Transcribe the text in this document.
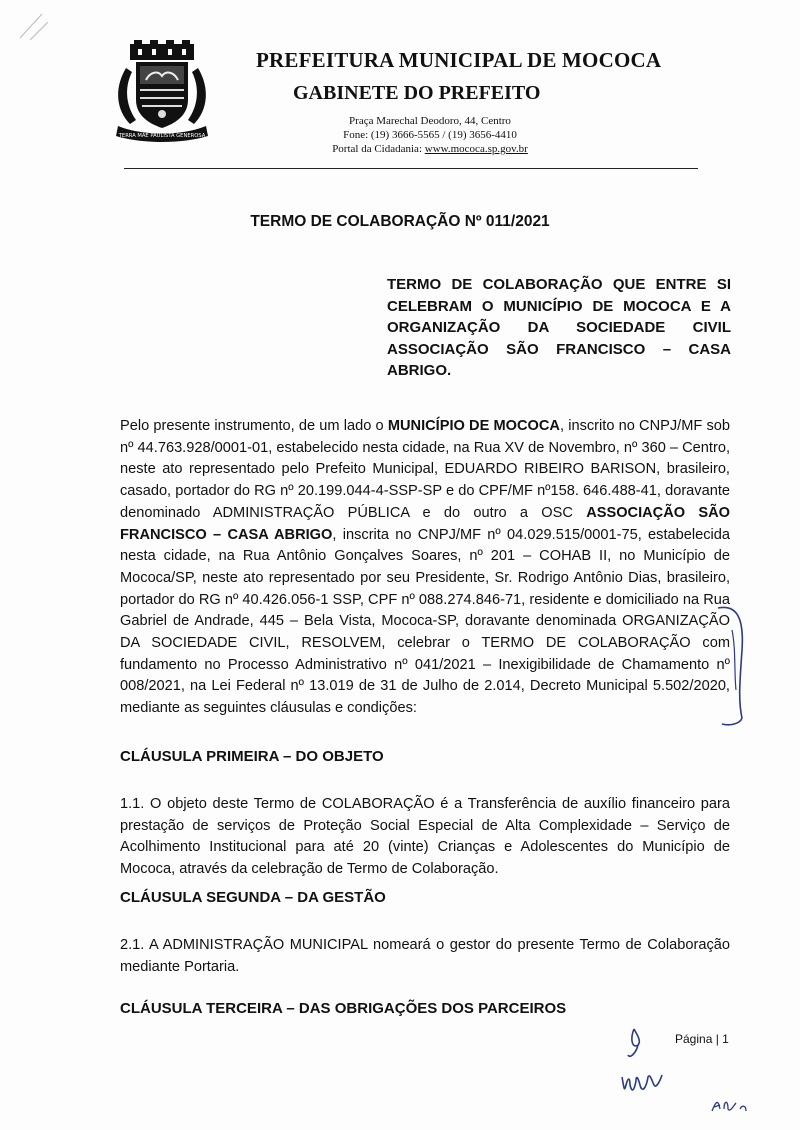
TERRA MÃE PAULISTA GENEROSA
PREFEITURA MUNICIPAL DE MOCOCA
GABINETE DO PREFEITO
Praça Marechal Deodoro, 44, Centro
Fone: (19) 3666-5565 / (19) 3656-4410
Portal da Cidadania: www.mococa.sp.gov.br
TERMO DE COLABORAÇÃO Nº 011/2021
TERMO DE COLABORAÇÃO QUE ENTRE SI CELEBRAM O MUNICÍPIO DE MOCOCA E A ORGANIZAÇÃO DA SOCIEDADE CIVIL ASSOCIAÇÃO SÃO FRANCISCO – CASA ABRIGO.
Pelo presente instrumento, de um lado o MUNICÍPIO DE MOCOCA, inscrito no CNPJ/MF sob nº 44.763.928/0001-01, estabelecido nesta cidade, na Rua XV de Novembro, nº 360 – Centro, neste ato representado pelo Prefeito Municipal, EDUARDO RIBEIRO BARISON, brasileiro, casado, portador do RG nº 20.199.044-4-SSP-SP e do CPF/MF nº158. 646.488-41, doravante denominado ADMINISTRAÇÃO PÚBLICA e do outro a OSC ASSOCIAÇÃO SÃO FRANCISCO – CASA ABRIGO, inscrita no CNPJ/MF nº 04.029.515/0001-75, estabelecida nesta cidade, na Rua Antônio Gonçalves Soares, nº 201 – COHAB II, no Município de Mococa/SP, neste ato representado por seu Presidente, Sr. Rodrigo Antônio Dias, brasileiro, portador do RG nº 40.426.056-1 SSP, CPF nº 088.274.846-71, residente e domiciliado na Rua Gabriel de Andrade, 445 – Bela Vista, Mococa-SP, doravante denominada ORGANIZAÇÃO DA SOCIEDADE CIVIL, RESOLVEM, celebrar o TERMO DE COLABORAÇÃO com fundamento no Processo Administrativo nº 041/2021 – Inexigibilidade de Chamamento nº 008/2021, na Lei Federal nº 13.019 de 31 de Julho de 2.014, Decreto Municipal 5.502/2020, mediante as seguintes cláusulas e condições:
CLÁUSULA PRIMEIRA – DO OBJETO
1.1. O objeto deste Termo de COLABORAÇÃO é a Transferência de auxílio financeiro para prestação de serviços de Proteção Social Especial de Alta Complexidade – Serviço de Acolhimento Institucional para até 20 (vinte) Crianças e Adolescentes do Município de Mococa, através da celebração de Termo de Colaboração.
CLÁUSULA SEGUNDA – DA GESTÃO
2.1. A ADMINISTRAÇÃO MUNICIPAL nomeará o gestor do presente Termo de Colaboração mediante Portaria.
CLÁUSULA TERCEIRA – DAS OBRIGAÇÕES DOS PARCEIROS
Página | 1
